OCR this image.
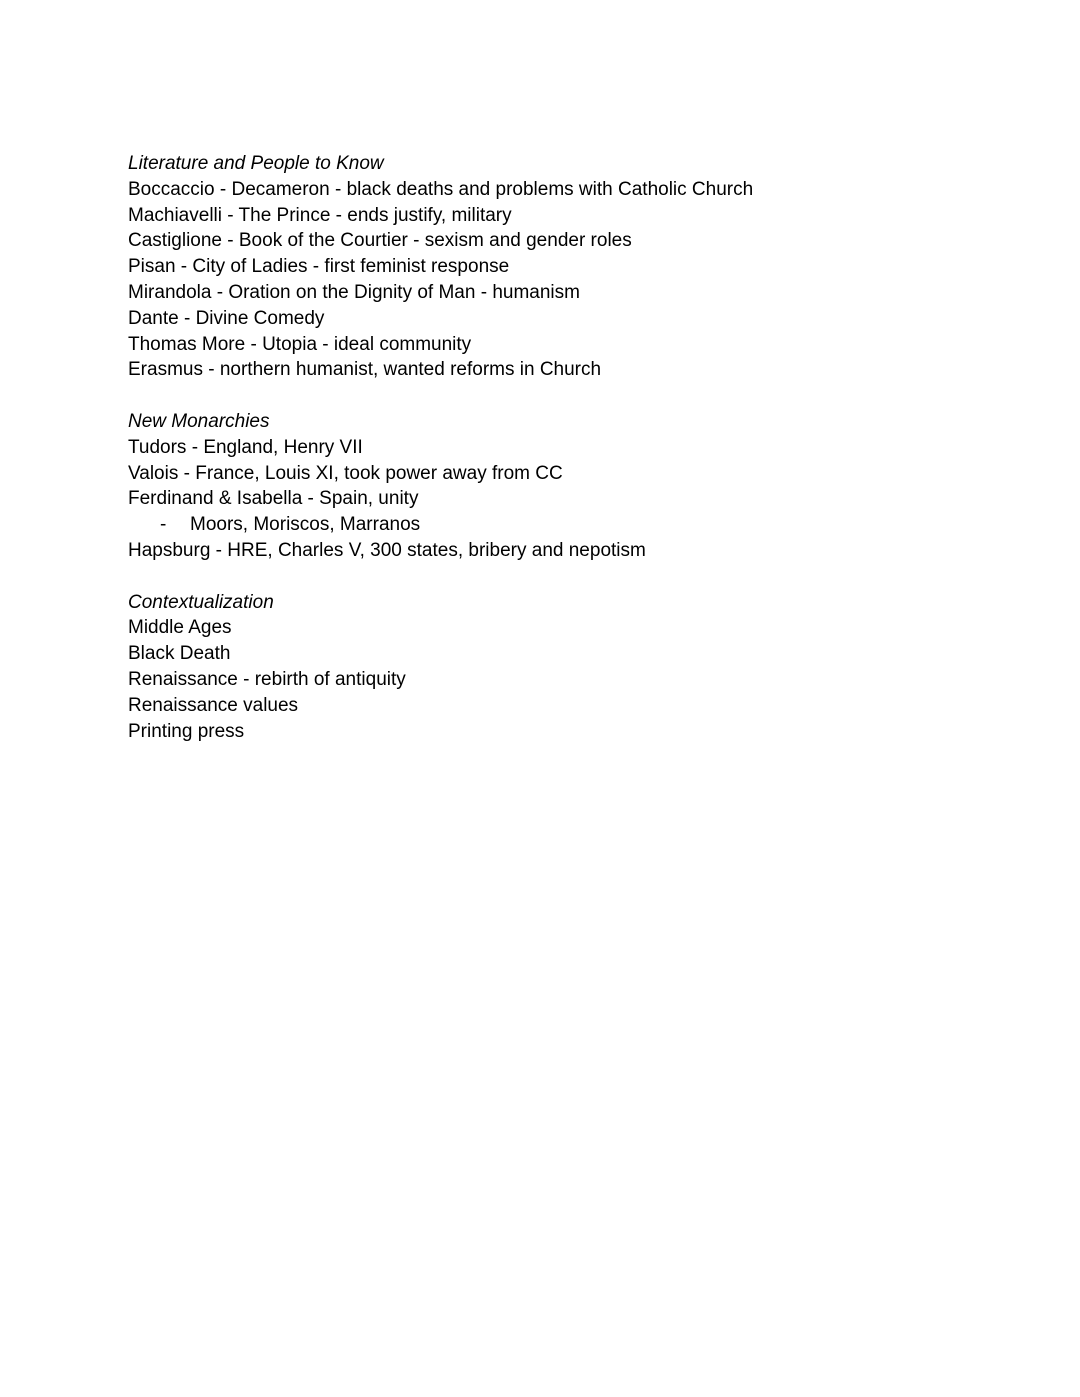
Literature and People to Know
Boccaccio - Decameron - black deaths and problems with Catholic Church
Machiavelli - The Prince - ends justify, military
Castiglione - Book of the Courtier - sexism and gender roles
Pisan - City of Ladies - first feminist response
Mirandola - Oration on the Dignity of Man - humanism
Dante - Divine Comedy
Thomas More - Utopia - ideal community
Erasmus - northern humanist, wanted reforms in Church
New Monarchies
Tudors - England, Henry VII
Valois - France, Louis XI, took power away from CC
Ferdinand & Isabella - Spain, unity
-	Moors, Moriscos, Marranos
Hapsburg - HRE, Charles V, 300 states, bribery and nepotism
Contextualization
Middle Ages
Black Death
Renaissance - rebirth of antiquity
Renaissance values
Printing press
